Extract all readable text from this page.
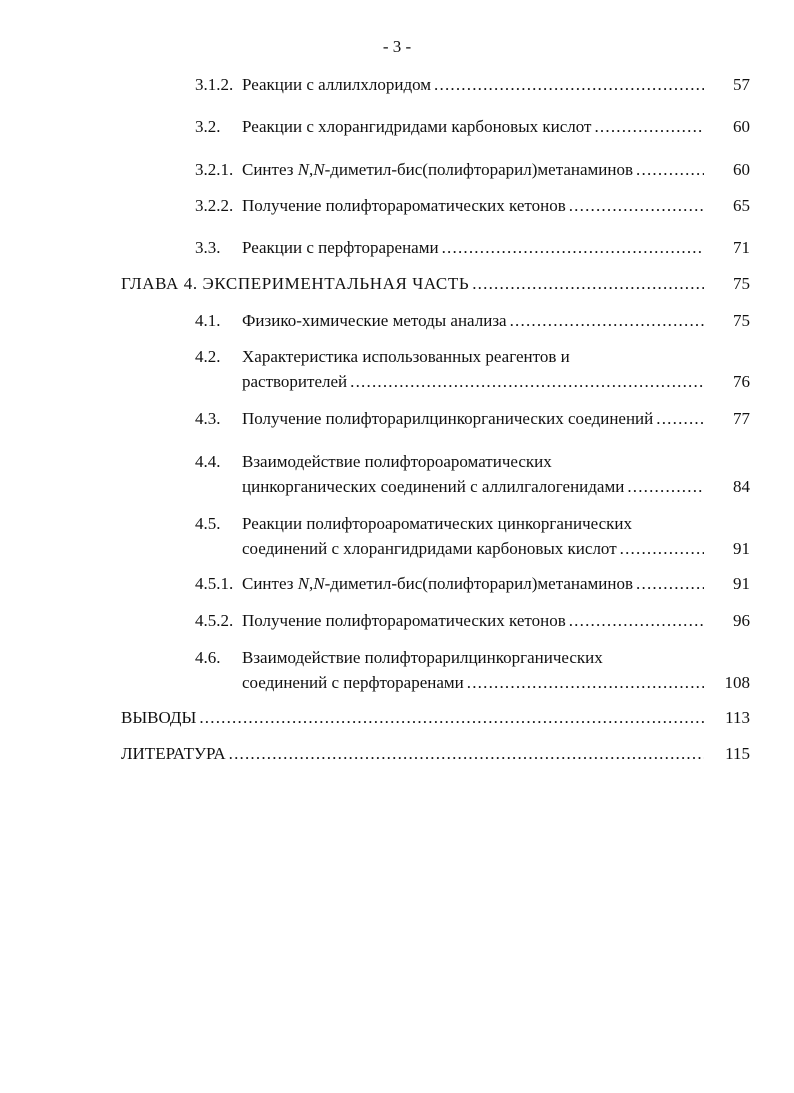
- 3 -
3.1.2. Реакции с аллилхлоридом .....	57
3.2. Реакции с хлорангидридами карбоновых кислот .....	60
3.2.1. Синтез N,N-диметил-бис(полифторарил)метанаминов .....	60
3.2.2. Получение полифтораромaтических кетонов .....	65
3.3. Реакции с перфтораренами .....	71
ГЛАВА 4. ЭКСПЕРИМЕНТАЛЬНАЯ ЧАСТЬ .....	75
4.1. Физико-химические методы анализа .....	75
4.2. Характеристика использованных реагентов и
растворителей .....	76
4.3. Получение полифторарилцинкорганических соединений .....	77
4.4. Взаимодействие полифтороароматических
цинкорганических соединений с аллилгалогенидами .....	84
4.5. Реакции полифтороароматических цинкорганических
соединений с хлорангидридами карбоновых кислот .....	91
4.5.1. Синтез N,N-диметил-бис(полифторарил)метанаминов .....	91
4.5.2. Получение полифтораромaтических кетонов .....	96
4.6. Взаимодействие полифторарилцинкорганических
соединений с перфтораренами .....	108
ВЫВОДЫ .....	113
ЛИТЕРАТУРА .....	115
